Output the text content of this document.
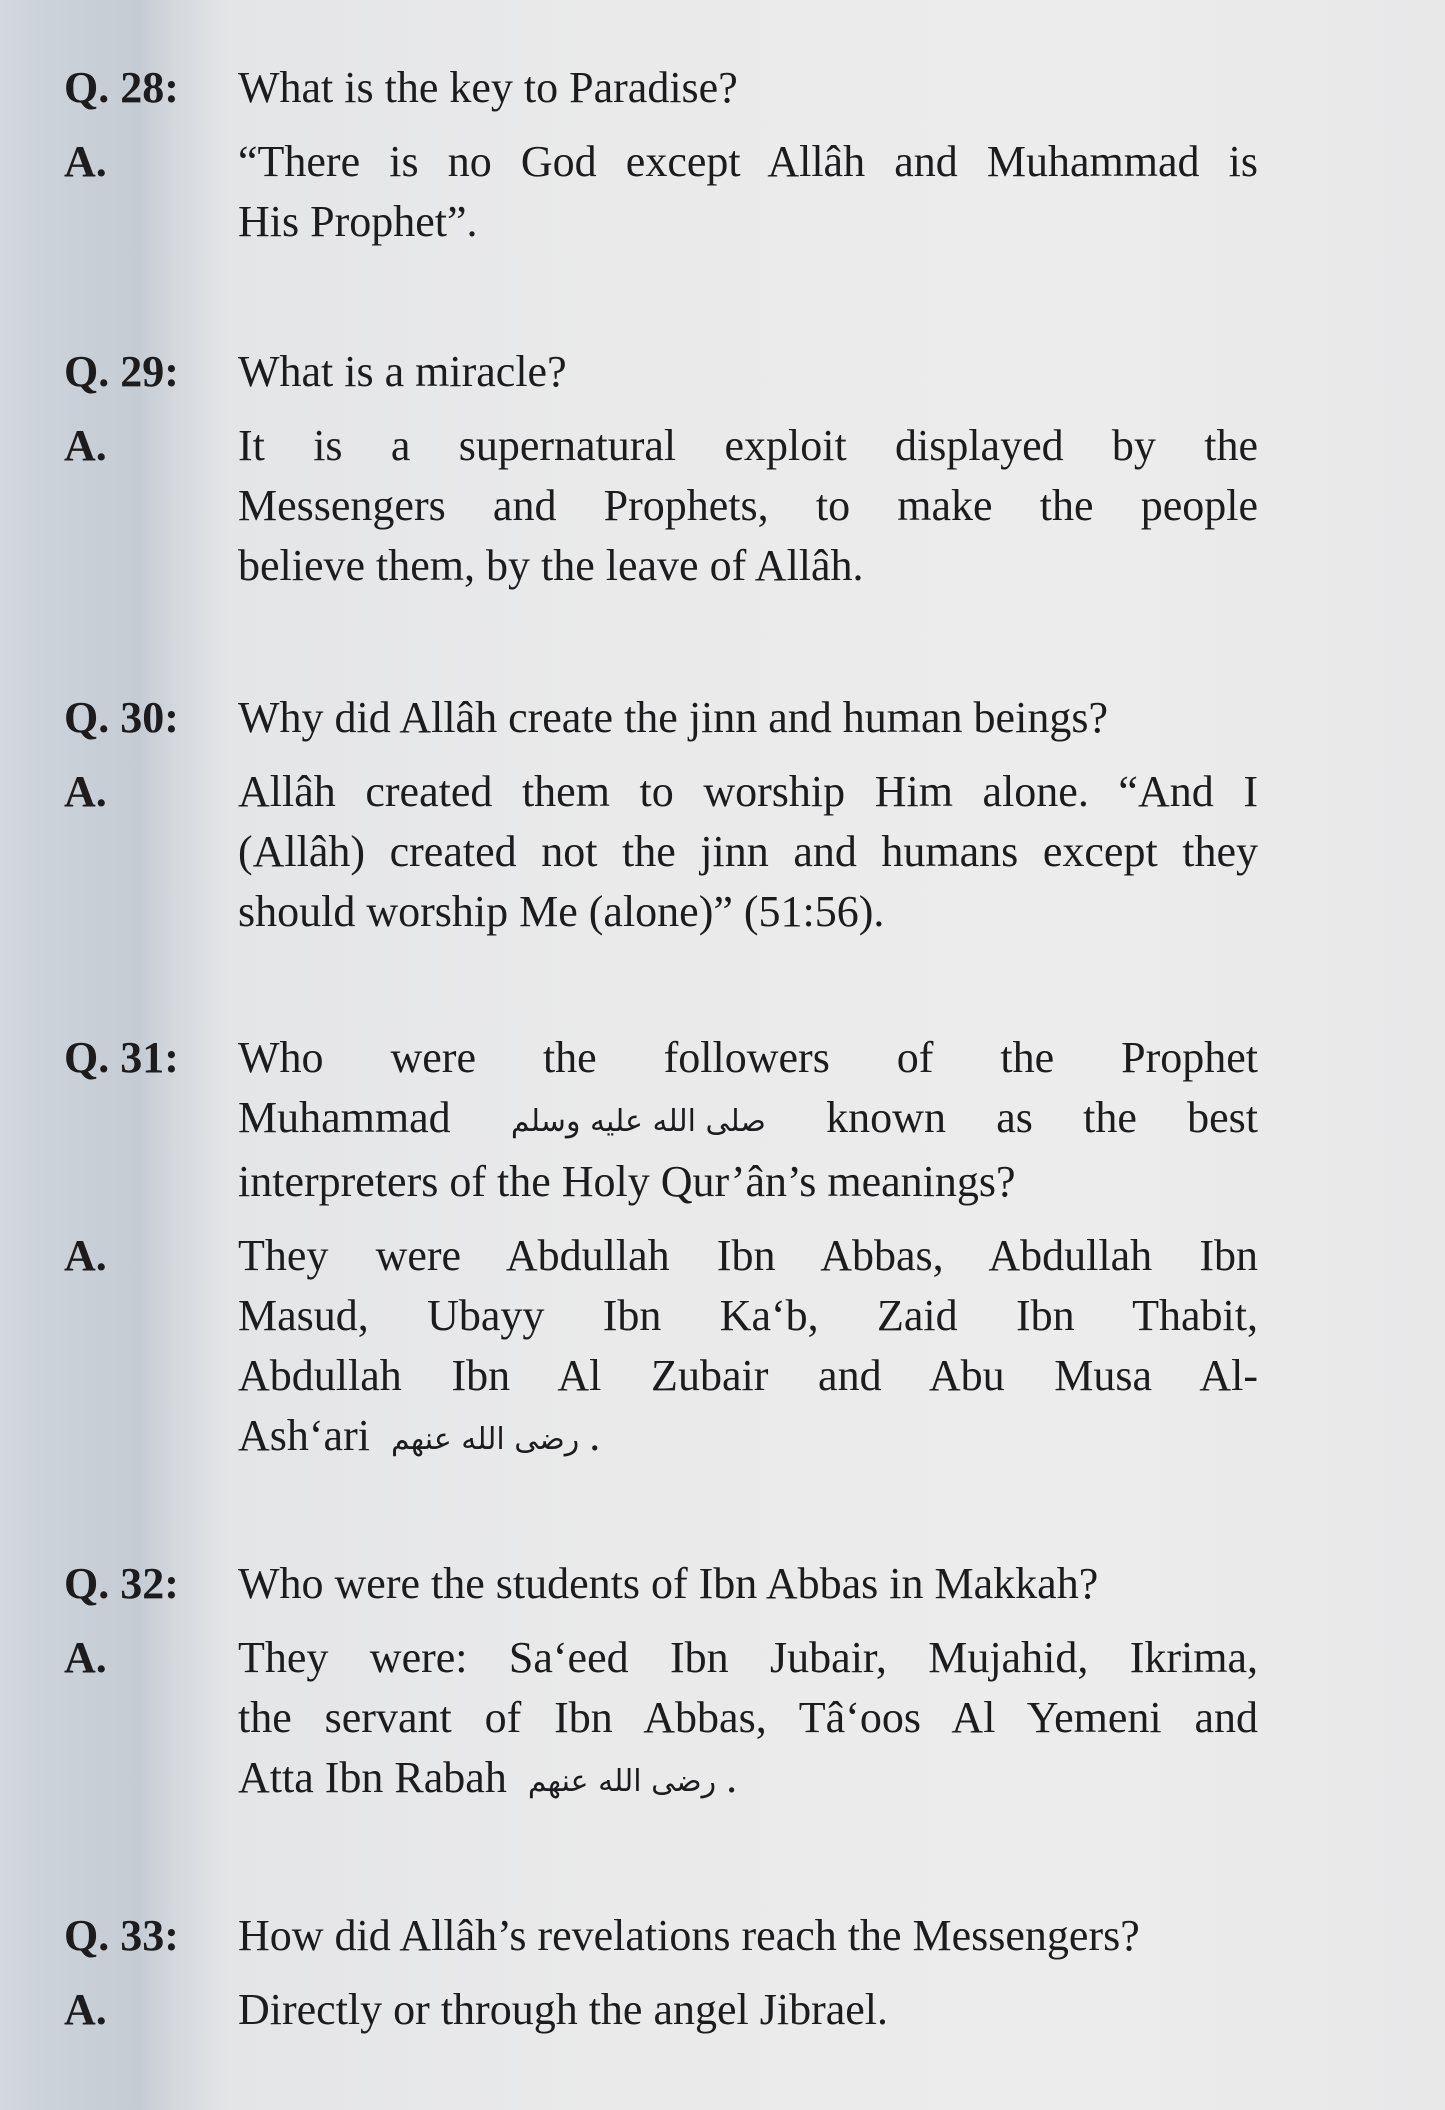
Q. 28: What is the key to Paradise?
A.	“There is no God except Allâh and Muhammad is
His Prophet”.
Q. 29: What is a miracle?
A.	It is a supernatural exploit displayed by the
Messengers and Prophets, to make the people
believe them, by the leave of Allâh.
Q. 30: Why did Allâh create the jinn and human beings?
A.	Allâh created them to worship Him alone. “And I
(Allâh) created not the jinn and humans except they
should worship Me (alone)” (51:56).
Q. 31: Who were the followers of the Prophet
Muhammad صلى الله عليه وسلم known as the best
interpreters of the Holy Qur’ân’s meanings?
A.	They were Abdullah Ibn Abbas, Abdullah Ibn
Masud, Ubayy Ibn Ka‘b, Zaid Ibn Thabit,
Abdullah Ibn Al Zubair and Abu Musa Al-
Ash‘ari رضى الله عنهم .
Q. 32: Who were the students of Ibn Abbas in Makkah?
A.	They were: Sa‘eed Ibn Jubair, Mujahid, Ikrima,
the servant of Ibn Abbas, Tâ‘oos Al Yemeni and
Atta Ibn Rabah رضى الله عنهم .
Q. 33: How did Allâh’s revelations reach the Messengers?
A.	Directly or through the angel Jibrael.
